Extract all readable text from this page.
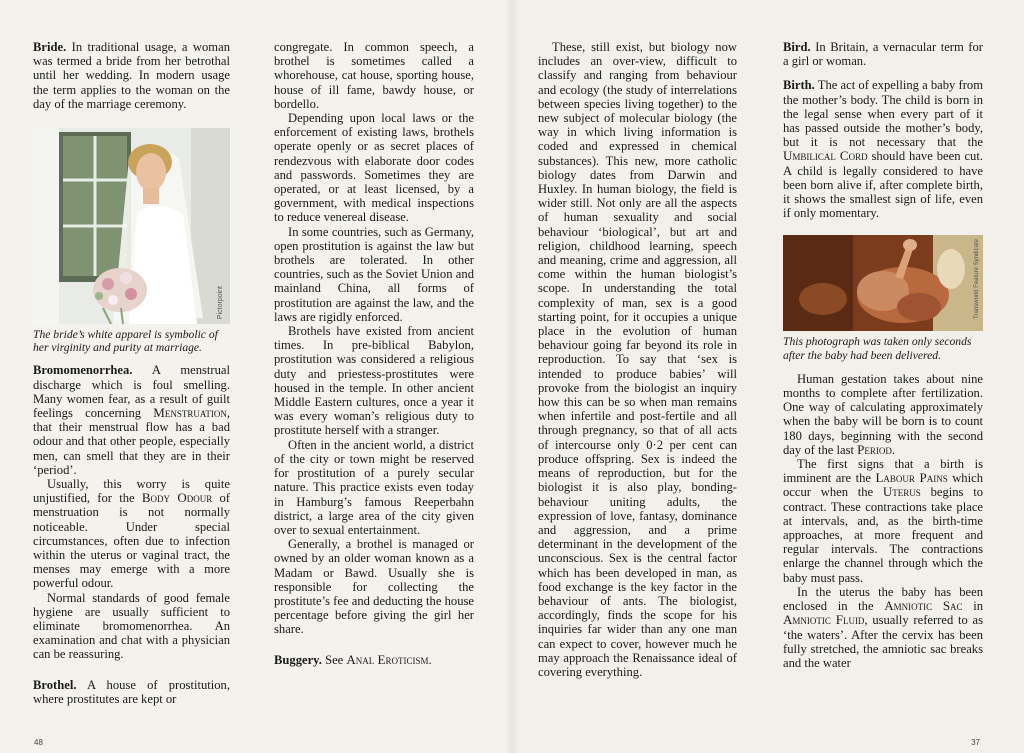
Bride. In traditional usage, a woman was termed a bride from her betrothal until her wedding. In modern usage the term applies to the woman on the day of the marriage ceremony.

Pictorpoint
The bride’s white apparel is symbolic of her virginity and purity at marriage.

Bromomenorrhea. A menstrual discharge which is foul smelling. Many women fear, as a result of guilt feelings concerning Menstruation, that their menstrual flow has a bad odour and that other people, especially men, can smell that they are in their ‘period’.

Usually, this worry is quite unjustified, for the Body Odour of menstruation is not normally noticeable. Under special circumstances, often due to infection within the uterus or vaginal tract, the menses may emerge with a more powerful odour.

Normal standards of good female hygiene are usually sufficient to eliminate bromomenorrhea. An examination and chat with a physician can be reassuring.

Brothel. A house of prostitution, where prostitutes are kept or

congregate. In common speech, a brothel is sometimes called a whorehouse, cat house, sporting house, house of ill fame, bawdy house, or bordello.

Depending upon local laws or the enforcement of existing laws, brothels operate openly or as secret places of rendezvous with elaborate door codes and passwords. Sometimes they are operated, or at least licensed, by a government, with medical inspections to reduce venereal disease.

In some countries, such as Germany, open prostitution is against the law but brothels are tolerated. In other countries, such as the Soviet Union and mainland China, all forms of prostitution are against the law, and the laws are rigidly enforced.

Brothels have existed from ancient times. In pre-biblical Babylon, prostitution was considered a religious duty and priestess-prostitutes were housed in the temple. In other ancient Middle Eastern cultures, once a year it was every woman’s religious duty to prostitute herself with a stranger.

Often in the ancient world, a district of the city or town might be reserved for prostitution of a purely secular nature. This practice exists even today in Hamburg’s famous Reeperbahn district, a large area of the city given over to sexual entertainment.

Generally, a brothel is managed or owned by an older woman known as a Madam or Bawd. Usually she is responsible for collecting the prostitute’s fee and deducting the house percentage before giving the girl her share.

Buggery. See Anal Eroticism.

48

These, still exist, but biology now includes an over-view, difficult to classify and ranging from behaviour and ecology (the study of interrelations between species living together) to the new subject of molecular biology (the way in which living information is coded and expressed in chemical substances). This new, more catholic biology dates from Darwin and Huxley. In human biology, the field is wider still. Not only are all the aspects of human sexuality and social behaviour ‘biological’, but art and religion, childhood learning, speech and meaning, crime and aggression, all come within the human biologist’s scope. In understanding the total complexity of man, sex is a good starting point, for it occupies a unique place in the evolution of human behaviour going far beyond its role in reproduction. To say that ‘sex is intended to produce babies’ will provoke from the biologist an inquiry how this can be so when man remains when infertile and post-fertile and all through pregnancy, so that of all acts of intercourse only 0·2 per cent can produce offspring. Sex is indeed the means of reproduction, but for the biologist it is also play, bonding-behaviour uniting adults, the expression of love, fantasy, dominance and aggression, and a prime determinant in the development of the unconscious. Sex is the central factor which has been developed in man, as food exchange is the key factor in the behaviour of ants. The biologist, accordingly, finds the scope for his inquiries far wider than any one man can expect to cover, however much he may approach the Renaissance ideal of covering everything.

Bird. In Britain, a vernacular term for a girl or woman.

Birth. The act of expelling a baby from the mother’s body. The child is born in the legal sense when every part of it has passed outside the mother’s body, but it is not necessary that the Umbilical Cord should have been cut. A child is legally considered to have been born alive if, after complete birth, it shows the smallest sign of life, even if only momentary.

Transworld Feature Syndicate
This photograph was taken only seconds after the baby had been delivered.

Human gestation takes about nine months to complete after fertilization. One way of calculating approximately when the baby will be born is to count 180 days, beginning with the second day of the last Period.

The first signs that a birth is imminent are the Labour Pains which occur when the Uterus begins to contract. These contractions take place at intervals, and, as the birth-time approaches, at more frequent and regular intervals. The contractions enlarge the channel through which the baby must pass.

In the uterus the baby has been enclosed in the Amniotic Sac in Amniotic Fluid, usually referred to as ‘the waters’. After the cervix has been fully stretched, the amniotic sac breaks and the water

37
